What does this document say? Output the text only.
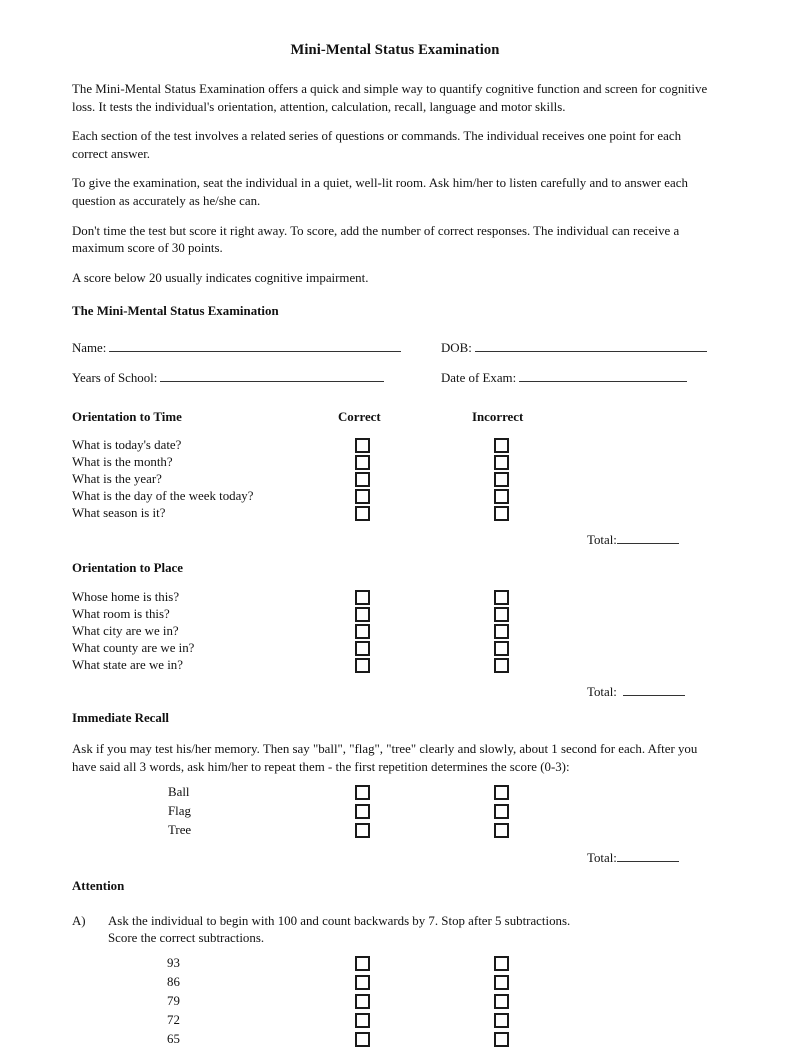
Mini-Mental Status Examination

The Mini-Mental Status Examination offers a quick and simple way to quantify cognitive function and screen for cognitive loss. It tests the individual's orientation, attention, calculation, recall, language and motor skills.

Each section of the test involves a related series of questions or commands. The individual receives one point for each correct answer.

To give the examination, seat the individual in a quiet, well-lit room. Ask him/her to listen carefully and to answer each question as accurately as he/she can.

Don't time the test but score it right away. To score, add the number of correct responses. The individual can receive a maximum score of 30 points.

A score below 20 usually indicates cognitive impairment.

The Mini-Mental Status Examination

Name:	DOB:
Years of School:	Date of Exam:
Orientation to Time	Correct	Incorrect
What is today's date?
What is the month?
What is the year?
What is the day of the week today?
What season is it?
Total:

Orientation to Place

Whose home is this?
What room is this?
What city are we in?
What county are we in?
What state are we in?
Total:

Immediate Recall

Ask if you may test his/her memory. Then say "ball", "flag", "tree" clearly and slowly, about 1 second for each. After you have said all 3 words, ask him/her to repeat them - the first repetition determines the score (0-3):

Ball
Flag
Tree
Total:

Attention

A) Ask the individual to begin with 100 and count backwards by 7. Stop after 5 subtractions.
Score the correct subtractions.
93
86
79
72
65
